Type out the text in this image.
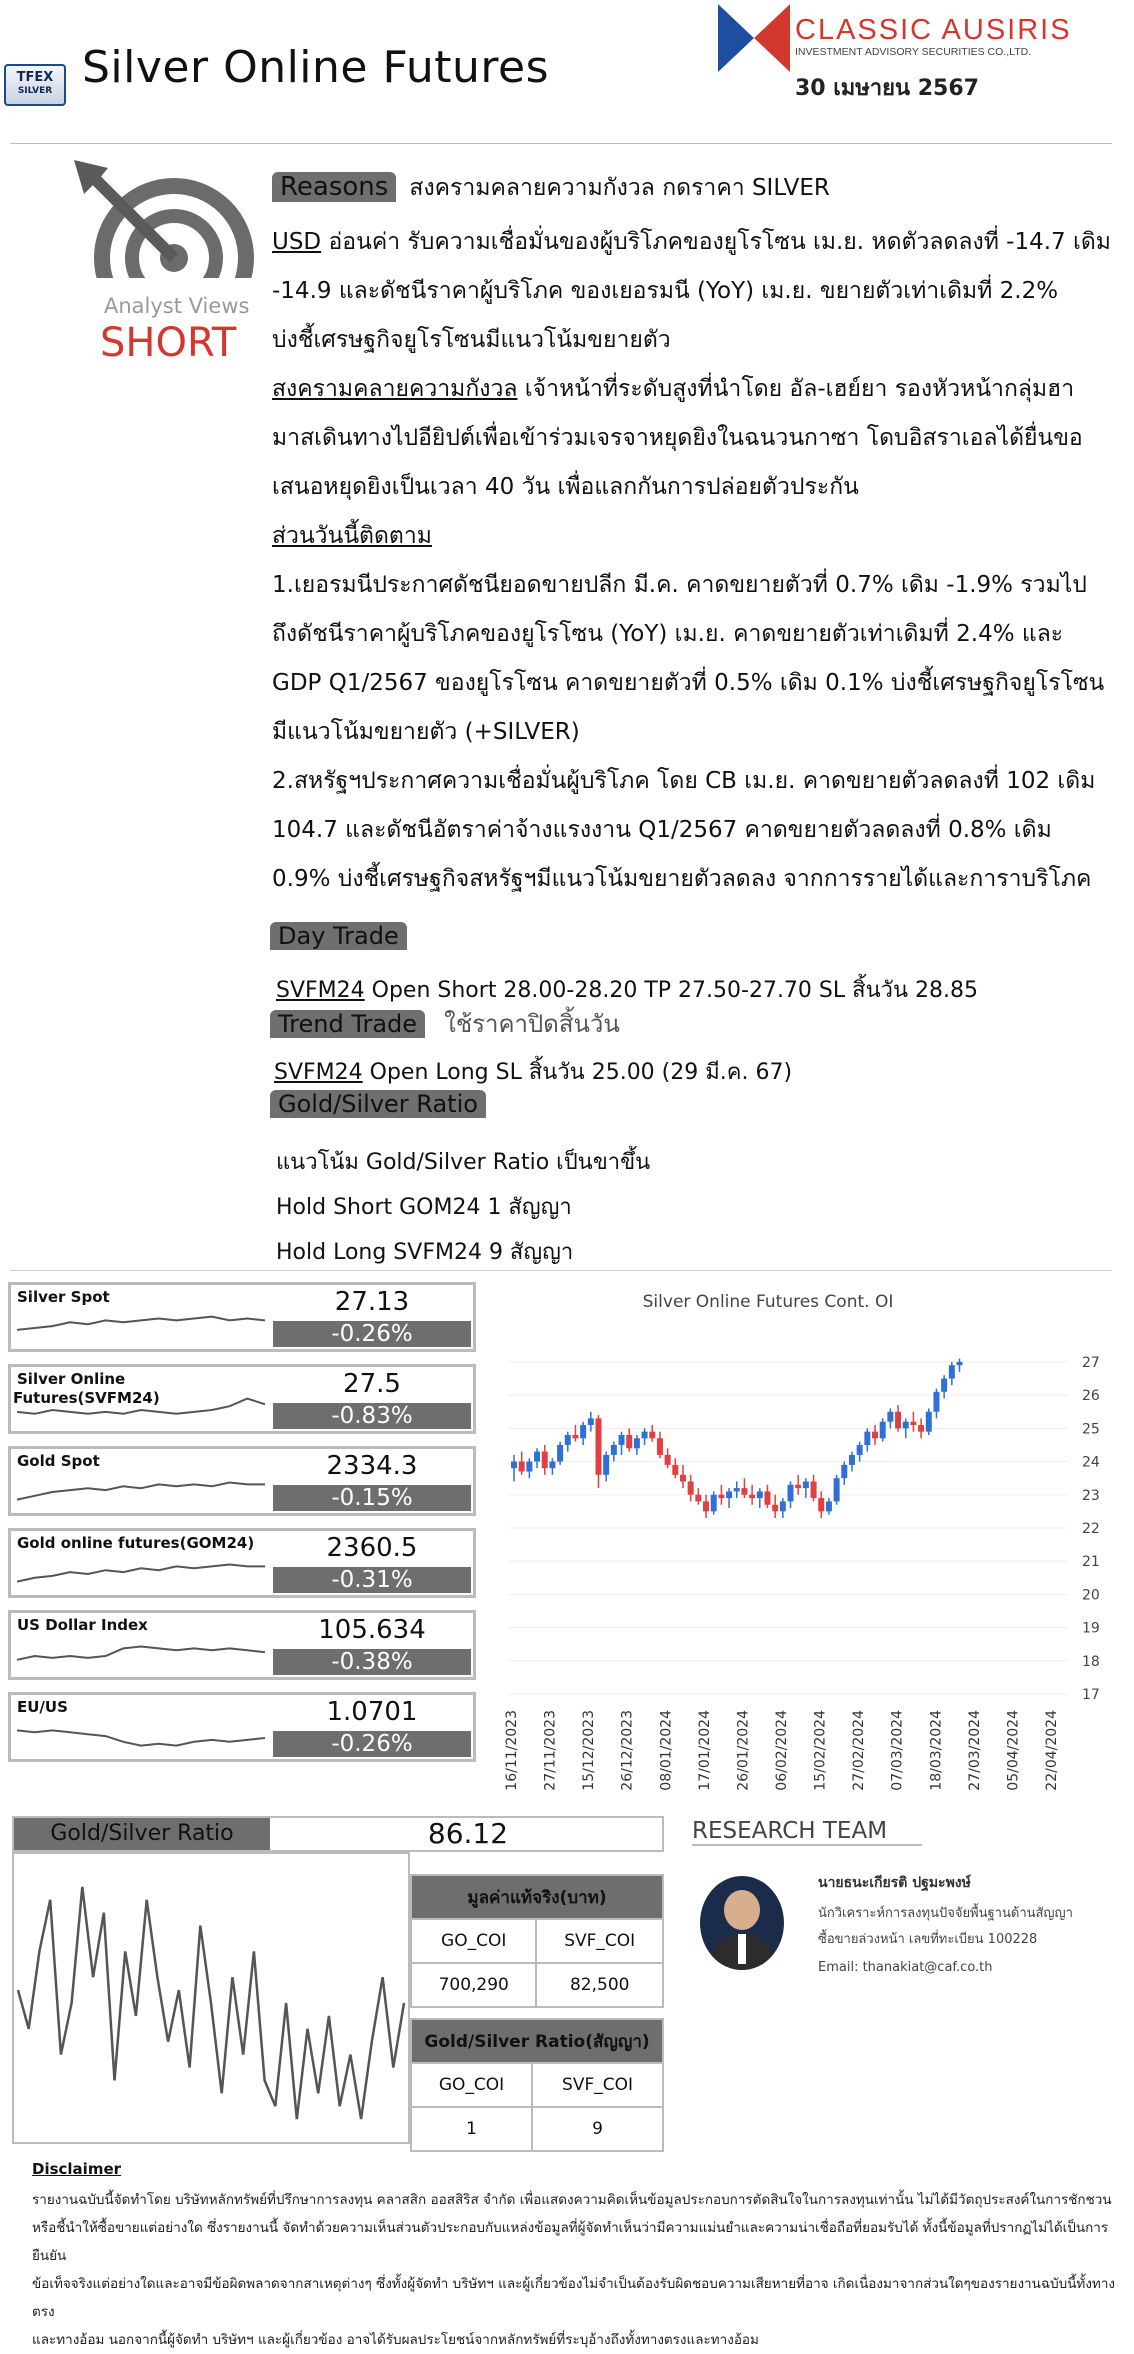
TFEX
SILVER Silver Online Futures
CLASSIC AUSIRIS
INVESTMENT ADVISORY SECURITIES CO.,LTD.
30 เมษายน 2567
Analyst Views
SHORT
Reasons สงครามคลายความกังวล กดราคา SILVER
USD อ่อนค่า รับความเชื่อมั่นของผู้บริโภคของยูโรโซน เม.ย. หดตัวลดลงที่ -14.7 เดิม
-14.9 และดัชนีราคาผู้บริโภค ของเยอรมนี (YoY) เม.ย. ขยายตัวเท่าเดิมที่ 2.2%
บ่งชี้เศรษฐกิจยูโรโซนมีแนวโน้มขยายตัว
สงครามคลายความกังวล เจ้าหน้าที่ระดับสูงที่นำโดย อัล-เฮย์ยา รองหัวหน้ากลุ่มฮา
มาสเดินทางไปอียิปต์เพื่อเข้าร่วมเจรจาหยุดยิงในฉนวนกาซา โดบอิสราเอลได้ยื่นขอ
เสนอหยุดยิงเป็นเวลา 40 วัน เพื่อแลกกันการปล่อยตัวประกัน
ส่วนวันนี้ติดตาม
1.เยอรมนีประกาศดัชนียอดขายปลีก มี.ค. คาดขยายตัวที่ 0.7% เดิม -1.9% รวมไป
ถึงดัชนีราคาผู้บริโภคของยูโรโซน (YoY) เม.ย. คาดขยายตัวเท่าเดิมที่ 2.4% และ
GDP Q1/2567 ของยูโรโซน คาดขยายตัวที่ 0.5% เดิม 0.1% บ่งชี้เศรษฐกิจยูโรโซน
มีแนวโน้มขยายตัว (+SILVER)
2.สหรัฐฯประกาศความเชื่อมั่นผู้บริโภค โดย CB เม.ย. คาดขยายตัวลดลงที่ 102 เดิม
104.7 และดัชนีอัตราค่าจ้างแรงงาน Q1/2567 คาดขยายตัวลดลงที่ 0.8% เดิม
0.9% บ่งชี้เศรษฐกิจสหรัฐฯมีแนวโน้มขยายตัวลดลง จากการรายได้และการาบริโภค
Day Trade
SVFM24 Open Short 28.00-28.20 TP 27.50-27.70 SL สิ้นวัน 28.85
Trend Trade ใช้ราคาปิดสิ้นวัน
SVFM24 Open Long SL สิ้นวัน 25.00 (29 มี.ค. 67)
Gold/Silver Ratio
แนวโน้ม Gold/Silver Ratio เป็นขาขึ้น
Hold Short GOM24 1 สัญญา
Hold Long SVFM24 9 สัญญา
Silver Spot	27.13
-0.26%
Silver Online Futures(SVFM24)	27.5
-0.83%
Gold Spot	2334.3
-0.15%
Gold online futures(GOM24)	2360.5
-0.31%
US Dollar Index	105.634
-0.38%
EU/US	1.0701
-0.26%
Silver Online Futures Cont. OI
27
26
25
24
23
22
21
20
19
18
17
16/11/2023 27/11/2023 15/12/2023 26/12/2023 08/01/2024 17/01/2024 26/01/2024 06/02/2024 15/02/2024 27/02/2024 07/03/2024 18/03/2024 27/03/2024 05/04/2024 22/04/2024
Gold/Silver Ratio	86.12
มูลค่าแท้จริง(บาท)	
GO_COI	SVF_COI
700,290	82,500
Gold/Silver Ratio(สัญญา)	
GO_COI	SVF_COI
1	9
RESEARCH TEAM
นายธนะเกียรติ ปฐมะพงษ์
นักวิเคราะห์การลงทุนปัจจัยพื้นฐานด้านสัญญา
ซื้อขายล่วงหน้า เลขที่ทะเบียน 100228
Email: thanakiat@caf.co.th
Disclaimer
รายงานฉบับนี้จัดทำโดย บริษัทหลักทรัพย์ที่ปรึกษาการลงทุน คลาสสิก ออสสิริส จำกัด เพื่อแสดงความคิดเห็นข้อมูลประกอบการตัดสินใจในการลงทุนเท่านั้น ไม่ได้มีวัตถุประสงค์ในการชักชวน
หรือชี้นำให้ซื้อขายแต่อย่างใด ซึ่งรายงานนี้ จัดทำด้วยความเห็นส่วนตัวประกอบกับแหล่งข้อมูลที่ผู้จัดทำเห็นว่ามีความแม่นยำและความน่าเชื่อถือที่ยอมรับได้ ทั้งนี้ข้อมูลที่ปรากฏไม่ได้เป็นการยืนยัน
ข้อเท็จจริงแต่อย่างใดและอาจมีข้อผิดพลาดจากสาเหตุต่างๆ ซึ่งทั้งผู้จัดทำ บริษัทฯ และผู้เกี่ยวข้องไม่จำเป็นต้องรับผิดชอบความเสียหายที่อาจ เกิดเนื่องมาจากส่วนใดๆของรายงานฉบับนี้ทั้งทางตรง
และทางอ้อม นอกจากนี้ผู้จัดทำ บริษัทฯ และผู้เกี่ยวข้อง อาจได้รับผลประโยชน์จากหลักทรัพย์ที่ระบุอ้างถึงทั้งทางตรงและทางอ้อม
